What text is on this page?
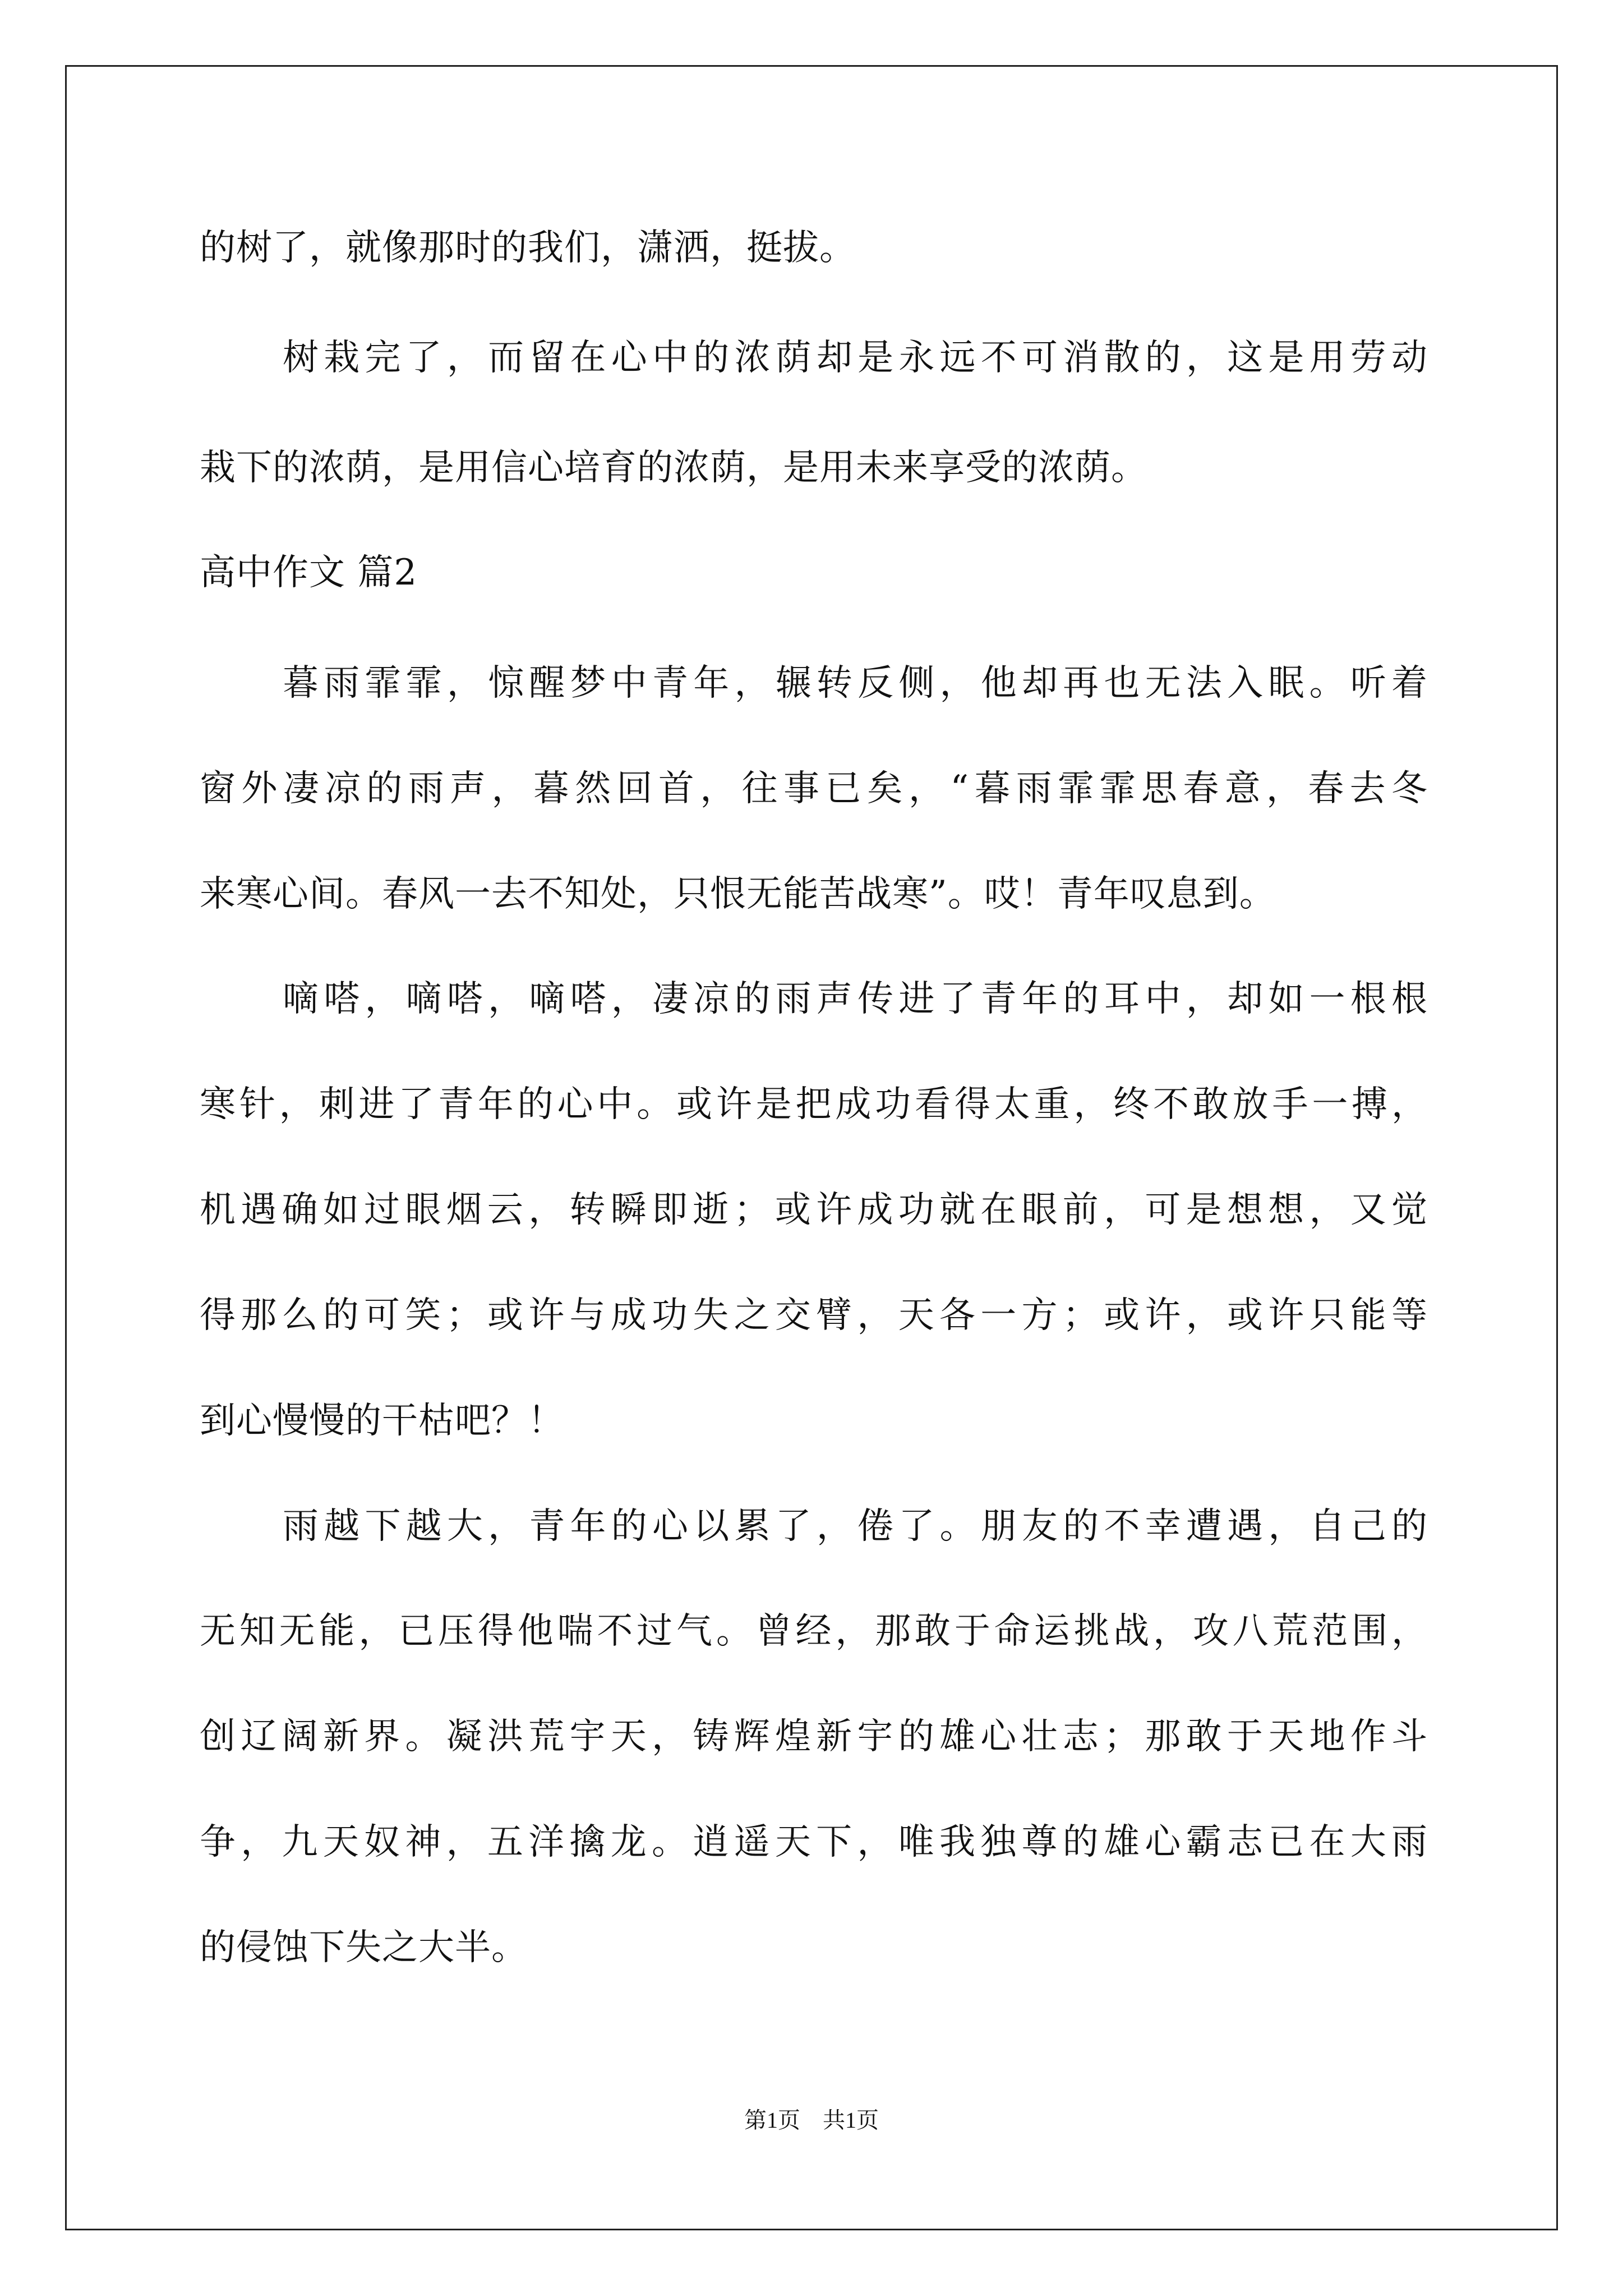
的树了，就像那时的我们，潇洒，挺拔。
树栽完了，而留在心中的浓荫却是永远不可消散的，这是用劳动
栽下的浓荫，是用信心培育的浓荫，是用未来享受的浓荫。
高中作文 篇2
暮雨霏霏，惊醒梦中青年，辗转反侧，他却再也无法入眠。听着
窗外凄凉的雨声，暮然回首，往事已矣，“暮雨霏霏思春意，春去冬
来寒心间。春风一去不知处，只恨无能苦战寒”。哎！青年叹息到。
嘀嗒，嘀嗒，嘀嗒，凄凉的雨声传进了青年的耳中，却如一根根
寒针，刺进了青年的心中。或许是把成功看得太重，终不敢放手一搏，
机遇确如过眼烟云，转瞬即逝；或许成功就在眼前，可是想想，又觉
得那么的可笑；或许与成功失之交臂，天各一方；或许，或许只能等
到心慢慢的干枯吧？！
雨越下越大，青年的心以累了，倦了。朋友的不幸遭遇，自己的
无知无能，已压得他喘不过气。曾经，那敢于命运挑战，攻八荒范围，
创辽阔新界。凝洪荒宇天，铸辉煌新宇的雄心壮志；那敢于天地作斗
争，九天奴神，五洋擒龙。逍遥天下，唯我独尊的雄心霸志已在大雨
的侵蚀下失之大半。
第1页　共1页
